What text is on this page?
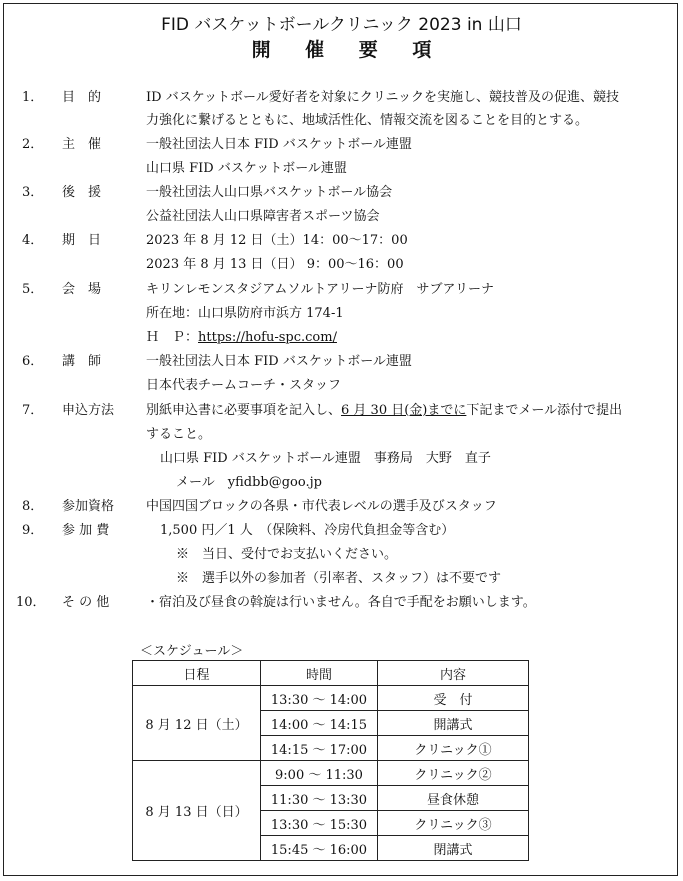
FID バスケットボールクリニック 2023 in 山口
開 催 要 項
1． 目　的	ID バスケットボール愛好者を対象にクリニックを実施し、競技普及の促進、競技
力強化に繋げるとともに、地域活性化、情報交流を図ることを目的とする。
2． 主　催	一般社団法人日本 FID バスケットボール連盟
山口県 FID バスケットボール連盟
3． 後　援	一般社団法人山口県バスケットボール協会
公益社団法人山口県障害者スポーツ協会
4． 期　日	2023 年 8 月 12 日（土）14：00〜17：00
2023 年 8 月 13 日（日） 9：00〜16：00
5． 会　場	キリンレモンスタジアムソルトアリーナ防府　サブアリーナ
所在地：山口県防府市浜方 174-1
Ｈ　Ｐ：https://hofu-spc.com/
6． 講　師	一般社団法人日本 FID バスケットボール連盟
日本代表チームコーチ・スタッフ
7． 申込方法 別紙申込書に必要事項を記入し、6 月 30 日(金)までに下記までメール添付で提出
すること。
山口県 FID バスケットボール連盟　事務局　大野　直子
メール　yfidbb@goo.jp
8． 参加資格 中国四国ブロックの各県・市代表レベルの選手及びスタッフ
9． 参 加 費	1,500 円／1 人　（保険料、冷房代負担金等含む）
※　当日、受付でお支払いください。
※　選手以外の参加者（引率者、スタッフ）は不要です
10． そ の 他	・宿泊及び昼食の斡旋は行いません。各自で手配をお願いします。
＜スケジュール＞
日程	時間	内容
8 月 12 日（土）	13:30 〜 14:00	受　付
	14:00 〜 14:15	開講式
	14:15 〜 17:00	クリニック①
8 月 13 日（日）	9:00 〜 11:30	クリニック②
	11:30 〜 13:30	昼食休憩
	13:30 〜 15:30	クリニック③
	15:45 〜 16:00	閉講式
